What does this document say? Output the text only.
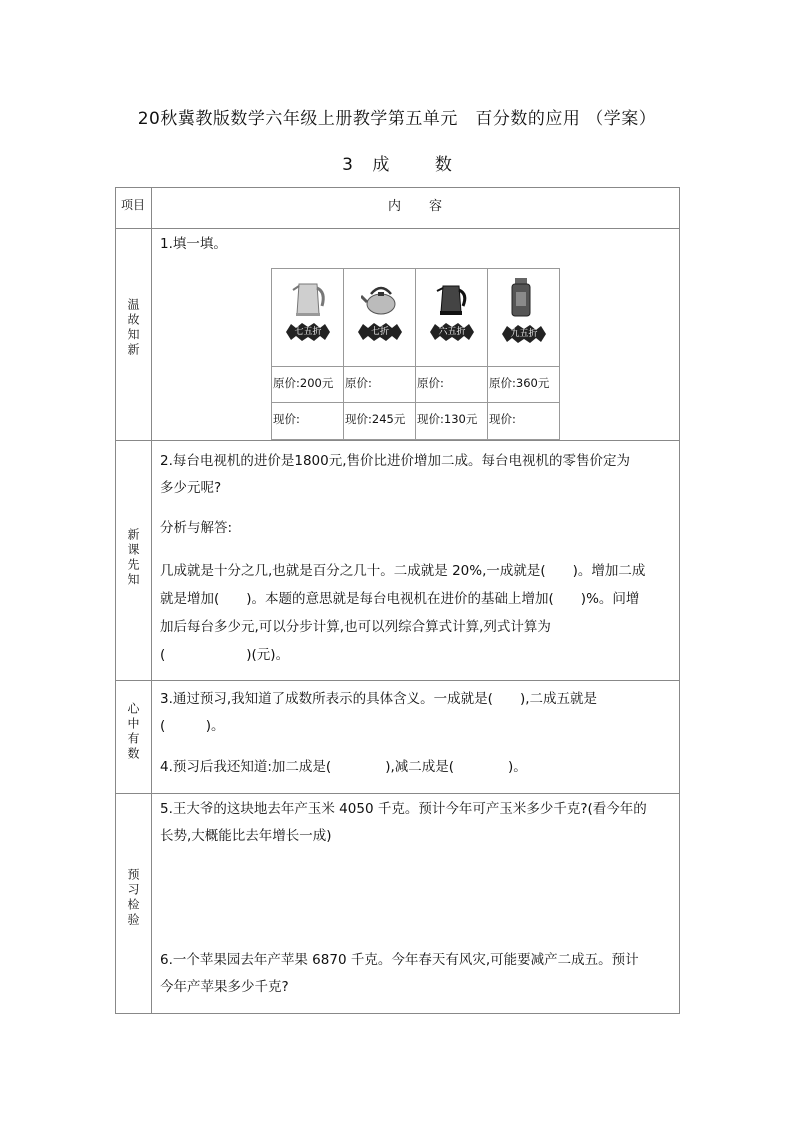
20秋冀教版数学六年级上册教学第五单元　百分数的应用 （学案）
3 成	数
项目	内 容
温故知新
新课先知
心中有数
预习检验
1.填一填。
七五折
原价:200元
现价:
七折
原价:
现价:245元
六五折
原价:
现价:130元
九五折
原价:360元
现价:
2.每台电视机的进价是1800元,售价比进价增加二成。每台电视机的零售价定为
多少元呢?
分析与解答:
几成就是十分之几,也就是百分之几十。二成就是 20%,一成就是(　　)。增加二成
就是增加(　　)。本题的意思就是每台电视机在进价的基础上增加(　　)%。问增
加后每台多少元,可以分步计算,也可以列综合算式计算,列式计算为
(　　　　　　)(元)。
3.通过预习,我知道了成数所表示的具体含义。一成就是(　　),二成五就是
(　　　)。
4.预习后我还知道:加二成是(　　　　),减二成是(　　　　)。
5.王大爷的这块地去年产玉米 4050 千克。预计今年可产玉米多少千克?(看今年的
长势,大概能比去年增长一成)
6.一个苹果园去年产苹果 6870 千克。今年春天有风灾,可能要减产二成五。预计
今年产苹果多少千克?
